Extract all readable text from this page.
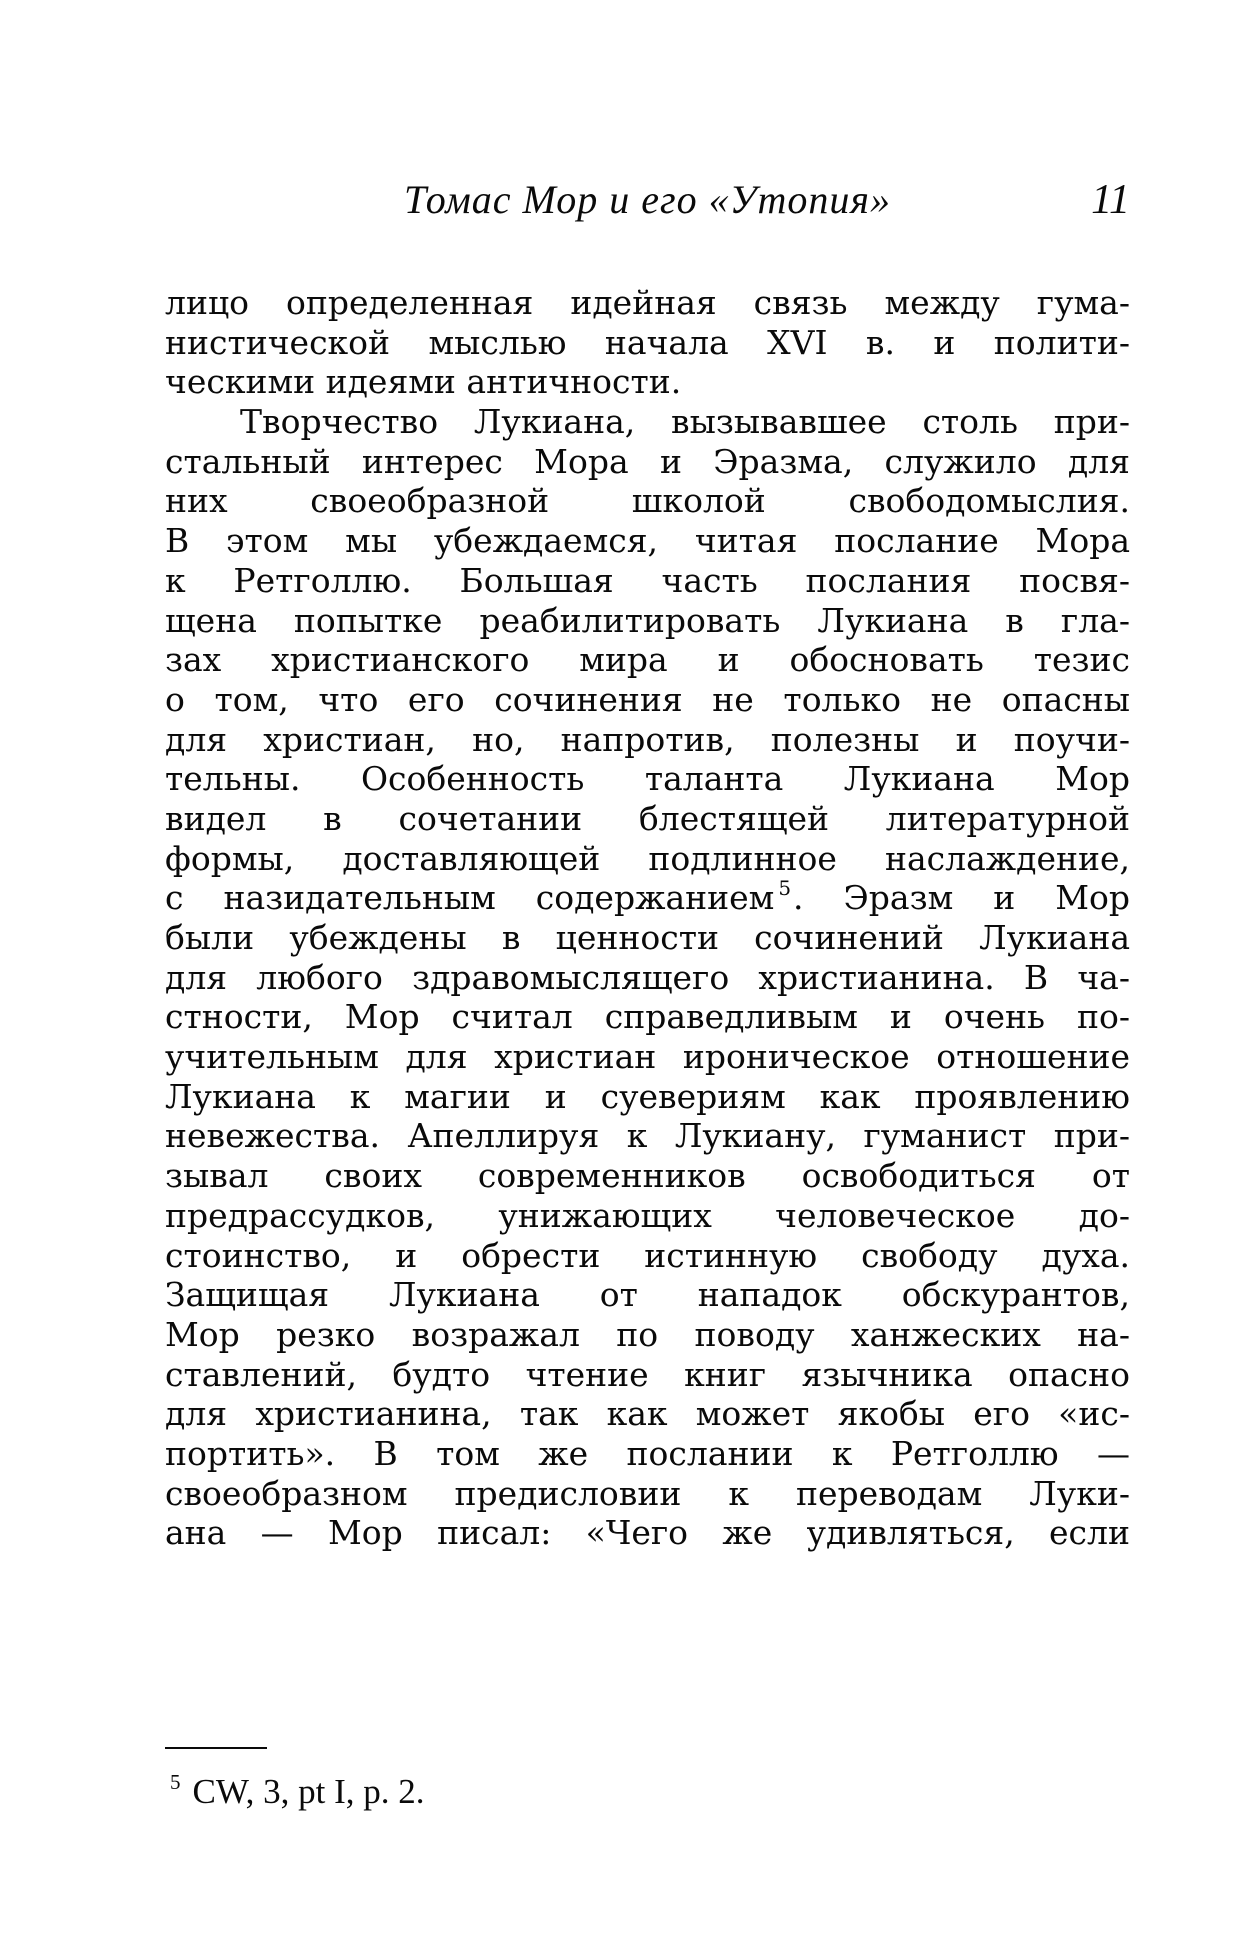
Томас Мор и его «Утопия»	11
лицо определенная идейная связь между гума-
нистической мыслью начала XVI в. и полити-
ческими идеями античности.
Творчество Лукиана, вызывавшее столь при-
стальный интерес Мора и Эразма, служило для
них своеобразной школой свободомыслия.
В этом мы убеждаемся, читая послание Мора
к Ретголлю. Большая часть послания посвя-
щена попытке реабилитировать Лукиана в гла-
зах христианского мира и обосновать тезис
о том, что его сочинения не только не опасны
для христиан, но, напротив, полезны и поучи-
тельны. Особенность таланта Лукиана Мор
видел в сочетании блестящей литературной
формы, доставляющей подлинное наслаждение,
с назидательным содержанием $^5$. Эразм и Мор
были убеждены в ценности сочинений Лукиана
для любого здравомыслящего христианина. В ча-
стности, Мор считал справедливым и очень по-
учительным для христиан ироническое отношение
Лукиана к магии и суевериям как проявлению
невежества. Апеллируя к Лукиану, гуманист при-
зывал своих современников освободиться от
предрассудков, унижающих человеческое до-
стоинство, и обрести истинную свободу духа.
Защищая Лукиана от нападок обскурантов,
Мор резко возражал по поводу ханжеских на-
ставлений, будто чтение книг язычника опасно
для христианина, так как может якобы его «ис-
портить». В том же послании к Ретголлю —
своеобразном предисловии к переводам Луки-
ана — Мор писал: «Чего же удивляться, если
$^5$ CW, 3, pt I, p. 2.
